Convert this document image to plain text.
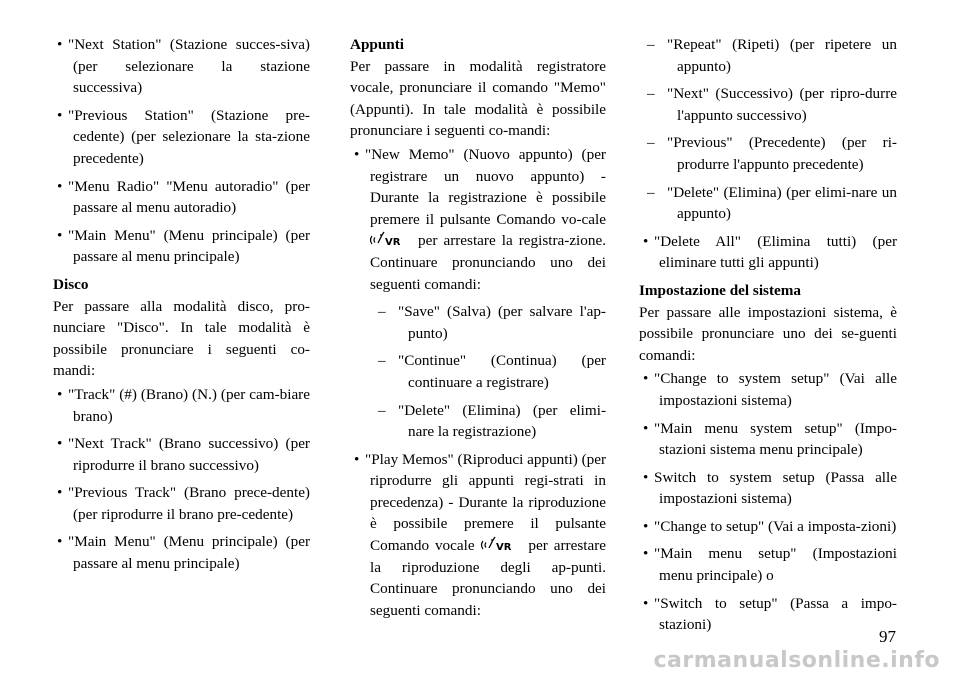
• "Next Station" (Stazione succes-siva) (per selezionare la stazione successiva)
• "Previous Station" (Stazione pre-cedente) (per selezionare la sta-zione precedente)
• "Menu Radio" "Menu autoradio" (per passare al menu autoradio)
• "Main Menu" (Menu principale) (per passare al menu principale)
Disco

Per passare alla modalità disco, pro-nunciare "Disco". In tale modalità è possibile pronunciare i seguenti co-mandi:

• "Track" (#) (Brano) (N.) (per cam-biare brano)
• "Next Track" (Brano successivo) (per riprodurre il brano successivo)
• "Previous Track" (Brano prece-dente) (per riprodurre il brano pre-cedente)
• "Main Menu" (Menu principale) (per passare al menu principale)
Appunti

Per passare in modalità registratore vocale, pronunciare il comando "Memo" (Appunti). In tale modalità è possibile pronunciare i seguenti co-mandi:

• "New Memo" (Nuovo appunto) (per registrare un nuovo appunto) - Durante la registrazione è possibile premere il pulsante Comando vo-cale
VR per arrestare la registra-zione. Continuare pronunciando uno dei seguenti comandi:
– "Save" (Salva) (per salvare l'ap-punto)
– "Continue" (Continua) (per continuare a registrare)
– "Delete" (Elimina) (per elimi-nare la registrazione)
• "Play Memos" (Riproduci appunti) (per riprodurre gli appunti regi-strati in precedenza) - Durante la riproduzione è possibile premere il pulsante Comando vocale VR per arrestare la riproduzione degli ap-punti. Continuare pronunciando uno dei seguenti comandi:
– "Repeat" (Ripeti) (per ripetere un appunto)
– "Next" (Successivo) (per ripro-durre l'appunto successivo)
– "Previous" (Precedente) (per ri-produrre l'appunto precedente)
– "Delete" (Elimina) (per elimi-nare un appunto)
• "Delete All" (Elimina tutti) (per eliminare tutti gli appunti)
Impostazione del sistema

Per passare alle impostazioni sistema, è possibile pronunciare uno dei se-guenti comandi:

• "Change to system setup" (Vai alle impostazioni sistema)
• "Main menu system setup" (Impo-stazioni sistema menu principale)
• Switch to system setup (Passa alle impostazioni sistema)
• "Change to setup" (Vai a imposta-zioni)
• "Main menu setup" (Impostazioni menu principale) o
• "Switch to setup" (Passa a impo-stazioni)
97
carmanualsonline.info
